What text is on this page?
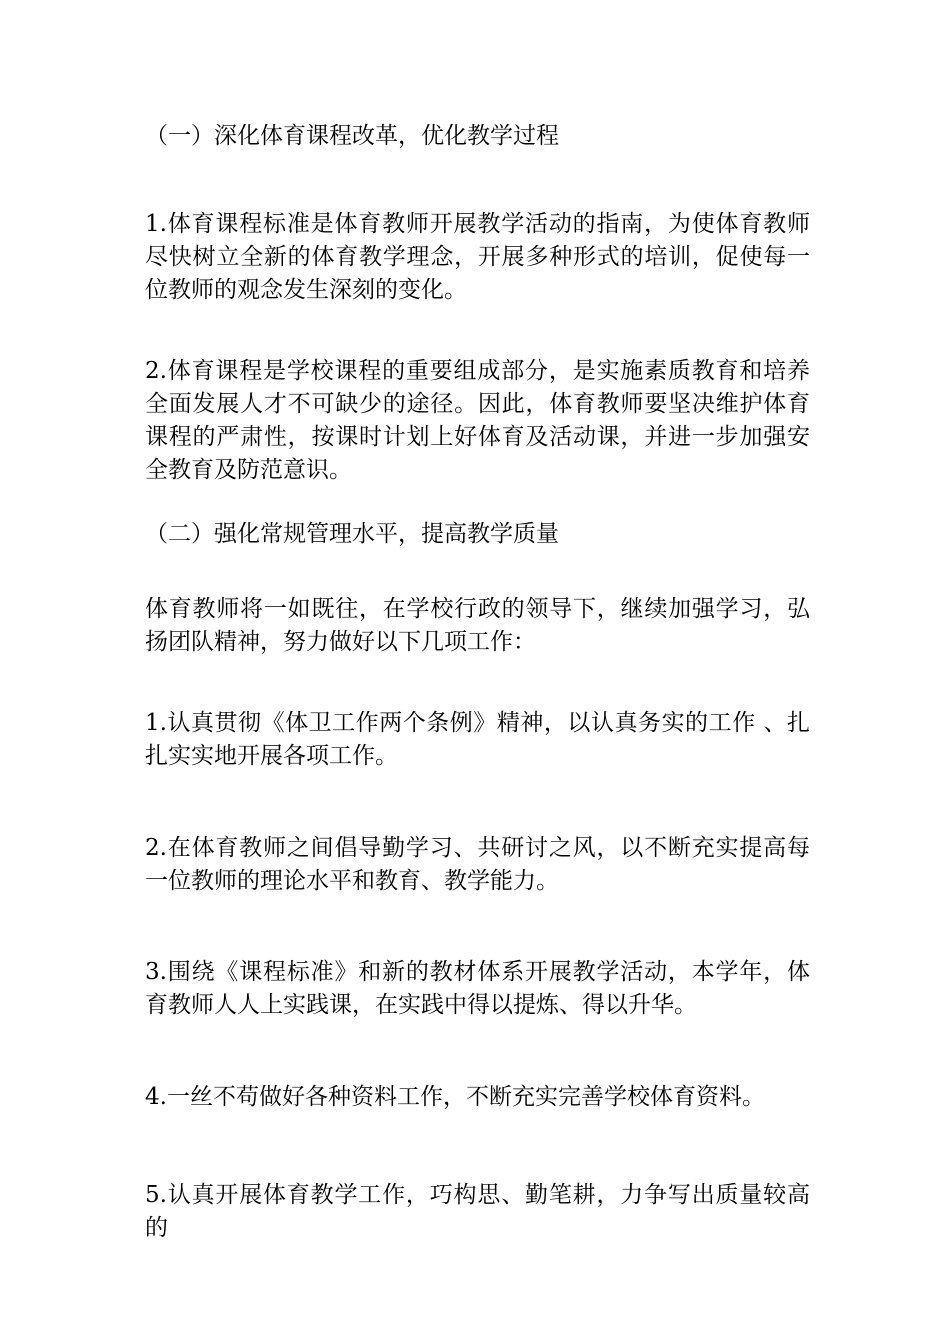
（一）深化体育课程改革，优化教学过程

1.体育课程标准是体育教师开展教学活动的指南，为使体育教师尽快树立全新的体育教学理念，开展多种形式的培训，促使每一位教师的观念发生深刻的变化。

2.体育课程是学校课程的重要组成部分，是实施素质教育和培养全面发展人才不可缺少的途径。因此，体育教师要坚决维护体育课程的严肃性，按课时计划上好体育及活动课，并进一步加强安全教育及防范意识。

（二）强化常规管理水平，提高教学质量

体育教师将一如既往，在学校行政的领导下，继续加强学习，弘扬团队精神，努力做好以下几项工作：

1.认真贯彻《体卫工作两个条例》精神，以认真务实的工作 、扎扎实实地开展各项工作。

2.在体育教师之间倡导勤学习、共研讨之风，以不断充实提高每一位教师的理论水平和教育、教学能力。

3.围绕《课程标准》和新的教材体系开展教学活动，本学年，体育教师人人上实践课，在实践中得以提炼、得以升华。

4.一丝不苟做好各种资料工作，不断充实完善学校体育资料。

5.认真开展体育教学工作，巧构思、勤笔耕，力争写出质量较高的
